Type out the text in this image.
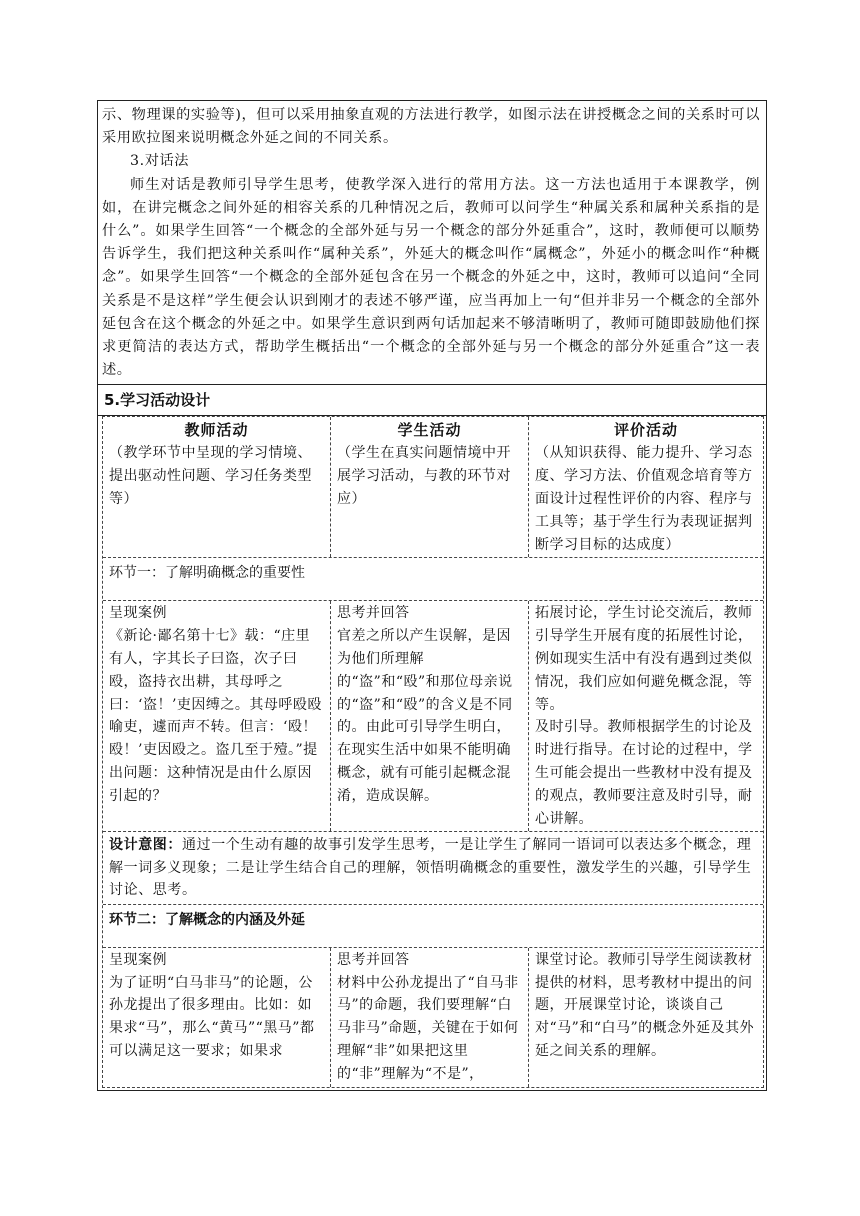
示、物理课的实验等)，但可以采用抽象直观的方法进行教学，如图示法在讲授概念之间的关系时可以采用欧拉图来说明概念外延之间的不同关系。

3.对话法

师生对话是教师引导学生思考，使教学深入进行的常用方法。这一方法也适用于本课教学，例如，在讲完概念之间外延的相容关系的几种情况之后，教师可以问学生“种属关系和属种关系指的是什么”。如果学生回答“一个概念的全部外延与另一个概念的部分外延重合”，这时，教师便可以顺势告诉学生，我们把这种关系叫作“属种关系”，外延大的概念叫作“属概念”，外延小的概念叫作“种概念”。如果学生回答“一个概念的全部外延包含在另一个概念的外延之中，这时，教师可以追问“全同关系是不是这样”学生便会认识到刚才的表述不够严谨，应当再加上一句“但并非另一个概念的全部外延包含在这个概念的外延之中。如果学生意识到两句话加起来不够清晰明了，教师可随即鼓励他们探求更简洁的表达方式，帮助学生概括出“一个概念的全部外延与另一个概念的部分外延重合”这一表述。

5.学习活动设计
教师活动
（教学环节中呈现的学习情境、提出驱动性问题、学习任务类型等）
学生活动
（学生在真实问题情境中开展学习活动，与教的环节对应）
评价活动
（从知识获得、能力提升、学习态度、学习方法、价值观念培育等方面设计过程性评价的内容、程序与工具等；基于学生行为表现证据判断学习目标的达成度）
环节一：了解明确概念的重要性
呈现案例
《新论·鄙名第十七》载：“庄里有人，字其长子曰盗，次子曰殴，盗持衣出耕，其母呼之曰：‘盗！’吏因缚之。其母呼殴殴喻吏，遽而声不转。但言：‘殴！殴！’吏因殴之。盗几至于殪。”提出问题：这种情况是由什么原因引起的？
思考并回答
官差之所以产生误解，是因为他们所理解的“盗”和“殴”和那位母亲说的“盗”和“殴”的含义是不同的。由此可引导学生明白，在现实生活中如果不能明确概念，就有可能引起概念混淆，造成误解。
拓展讨论，学生讨论交流后，教师引导学生开展有度的拓展性讨论，例如现实生活中有没有遇到过类似情况，我们应如何避免概念混，等等。
及时引导。教师根据学生的讨论及时进行指导。在讨论的过程中，学生可能会提出一些教材中没有提及的观点，教师要注意及时引导，耐心讲解。
设计意图：通过一个生动有趣的故事引发学生思考，一是让学生了解同一语词可以表达多个概念，理解一词多义现象；二是让学生结合自己的理解，领悟明确概念的重要性，激发学生的兴趣，引导学生讨论、思考。
环节二：了解概念的内涵及外延
呈现案例
为了证明“白马非马”的论题，公孙龙提出了很多理由。比如：如果求“马”，那么“黄马”“黑马”都可以满足这一要求；如果求
思考并回答
材料中公孙龙提出了“自马非马”的命题，我们要理解“白马非马”命题，关键在于如何理解“非”如果把这里的“非”理解为“不是”，
课堂讨论。教师引导学生阅读教材提供的材料，思考教材中提出的问题，开展课堂讨论，谈谈自己对“马”和“白马”的概念外延及其外延之间关系的理解。
